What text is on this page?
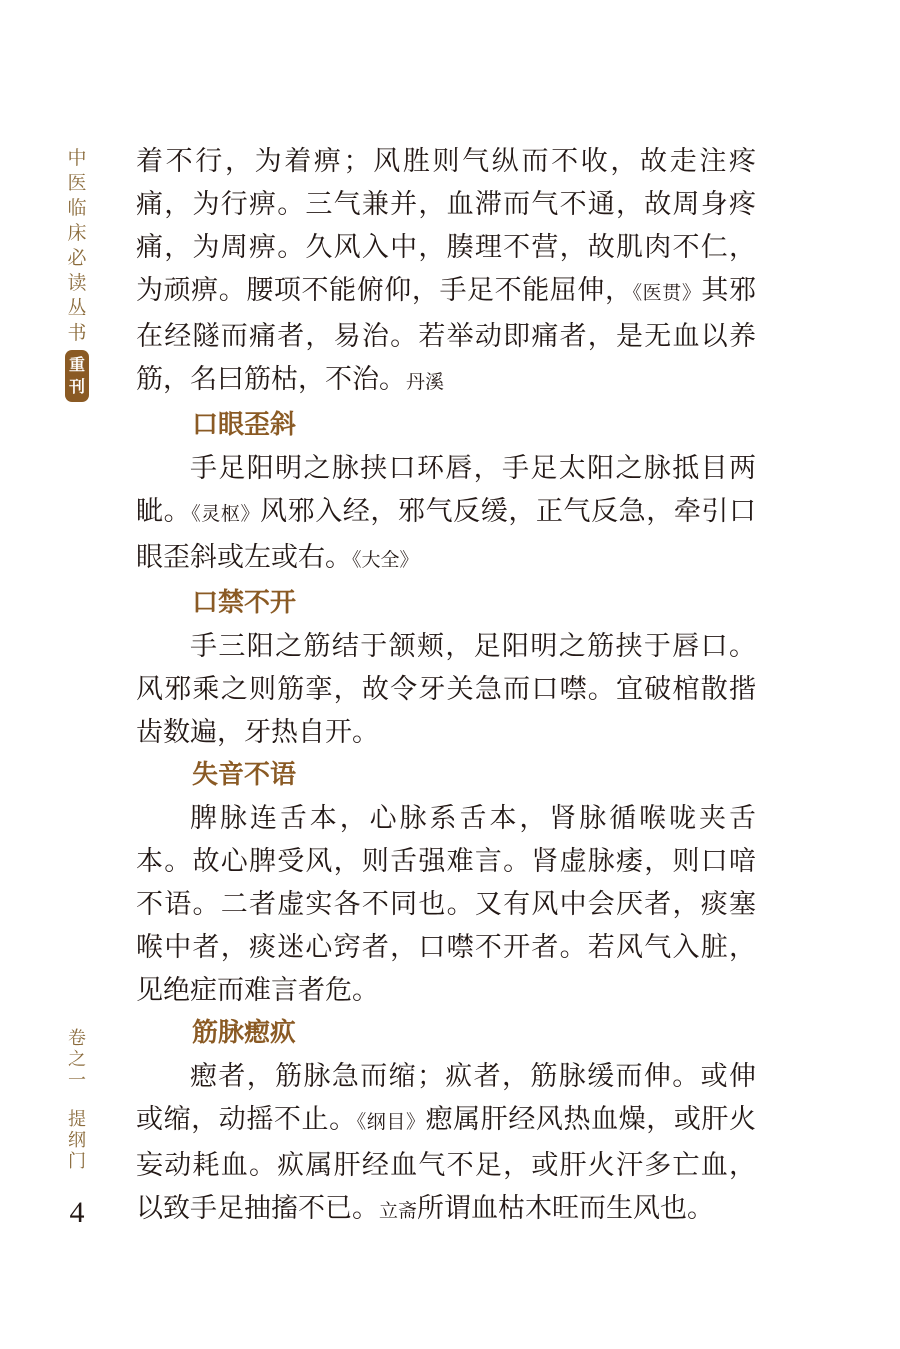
中
医
临
床
必
读
丛
书
重
刊
卷
之
一
提
纲
门
4

着不行，为着痹；风胜则气纵而不收，故走注疼痛，为行痹。三气兼并，血滞而气不通，故周身疼痛，为周痹。久风入中，腠理不营，故肌肉不仁，为顽痹。腰项不能俯仰，手足不能屈伸，《医贯》其邪在经隧而痛者，易治。若举动即痛者，是无血以养筋，名曰筋枯，不治。丹溪

口眼歪斜

手足阳明之脉挟口环唇，手足太阳之脉抵目两眦。《灵枢》风邪入经，邪气反缓，正气反急，牵引口眼歪斜或左或右。《大全》

口禁不开

手三阳之筋结于颔颊，足阳明之筋挟于唇口。风邪乘之则筋挛，故令牙关急而口噤。宜破棺散揩齿数遍，牙热自开。

失音不语

脾脉连舌本，心脉系舌本，肾脉循喉咙夹舌本。故心脾受风，则舌强难言。肾虚脉痿，则口喑不语。二者虚实各不同也。又有风中会厌者，痰塞喉中者，痰迷心窍者，口噤不开者。若风气入脏，见绝症而难言者危。

筋脉瘛疭

瘛者，筋脉急而缩；疭者，筋脉缓而伸。或伸或缩，动摇不止。《纲目》瘛属肝经风热血燥，或肝火妄动耗血。疭属肝经血气不足，或肝火汗多亡血，以致手足抽搐不已。立斋所谓血枯木旺而生风也。
